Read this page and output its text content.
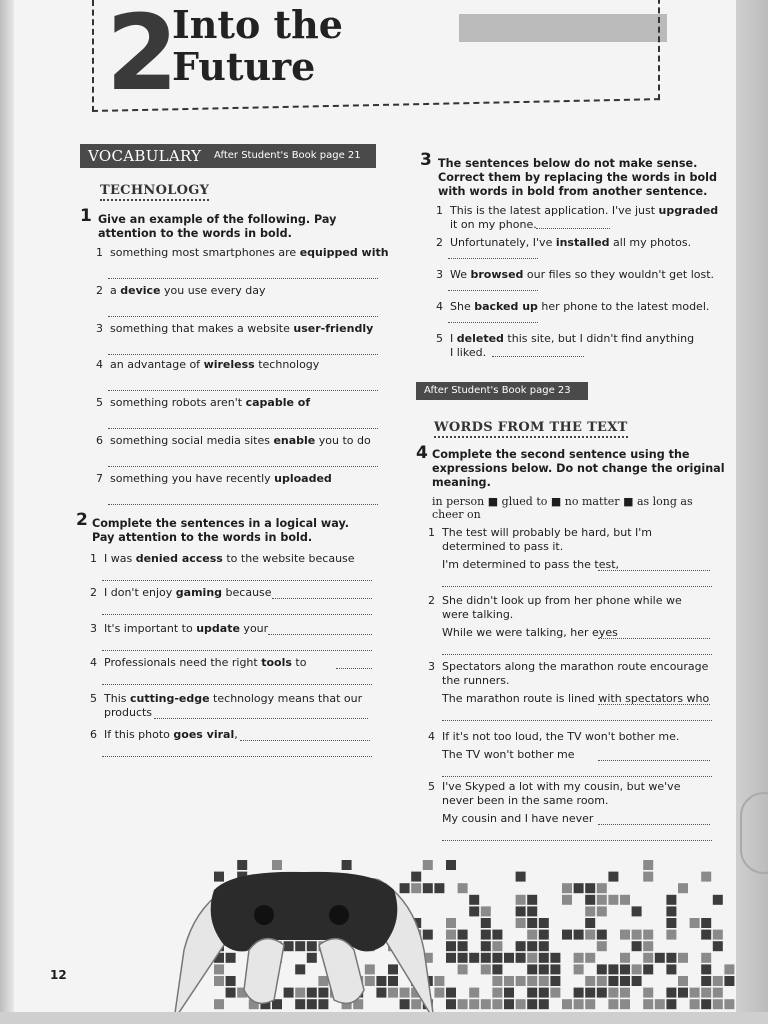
2
Into the
Future
VOCABULARY After Student's Book page 21
TECHNOLOGY
1 Give an example of the following. Pay attention to the words in bold.
2 Complete the sentences in a logical way. Pay attention to the words in bold.
3 The sentences below do not make sense. Correct them by replacing the words in bold with words in bold from another sentence.
After Student's Book page 23
WORDS FROM THE TEXT
4 Complete the second sentence using the expressions below. Do not change the original meaning.
in person ■ glued to ■ no matter ■ as long as
cheer on
12
1 something most smartphones are equipped with
2 a device you use every day
3 something that makes a website user-friendly
4 an advantage of wireless technology
5 something robots aren't capable of
6 something social media sites enable you to do
7 something you have recently uploaded
1 I was denied access to the website because
2 I don't enjoy gaming because
3 It's important to update your
4 Professionals need the right tools to
5 This cutting-edge technology means that our
products
6 If this photo goes viral,
1 This is the latest application. I've just upgraded
it on my phone.
2 Unfortunately, I've installed all my photos.
3 We browsed our files so they wouldn't get lost.
4 She backed up her phone to the latest model.
5 I deleted this site, but I didn't find anything
I liked.
1 The test will probably be hard, but I'm
determined to pass it.
I'm determined to pass the test,
2 She didn't look up from her phone while we
were talking.
While we were talking, her eyes
3 Spectators along the marathon route encourage
the runners.
The marathon route is lined with spectators who
4 If it's not too loud, the TV won't bother me.
The TV won't bother me
5 I've Skyped a lot with my cousin, but we've
never been in the same room.
My cousin and I have never
